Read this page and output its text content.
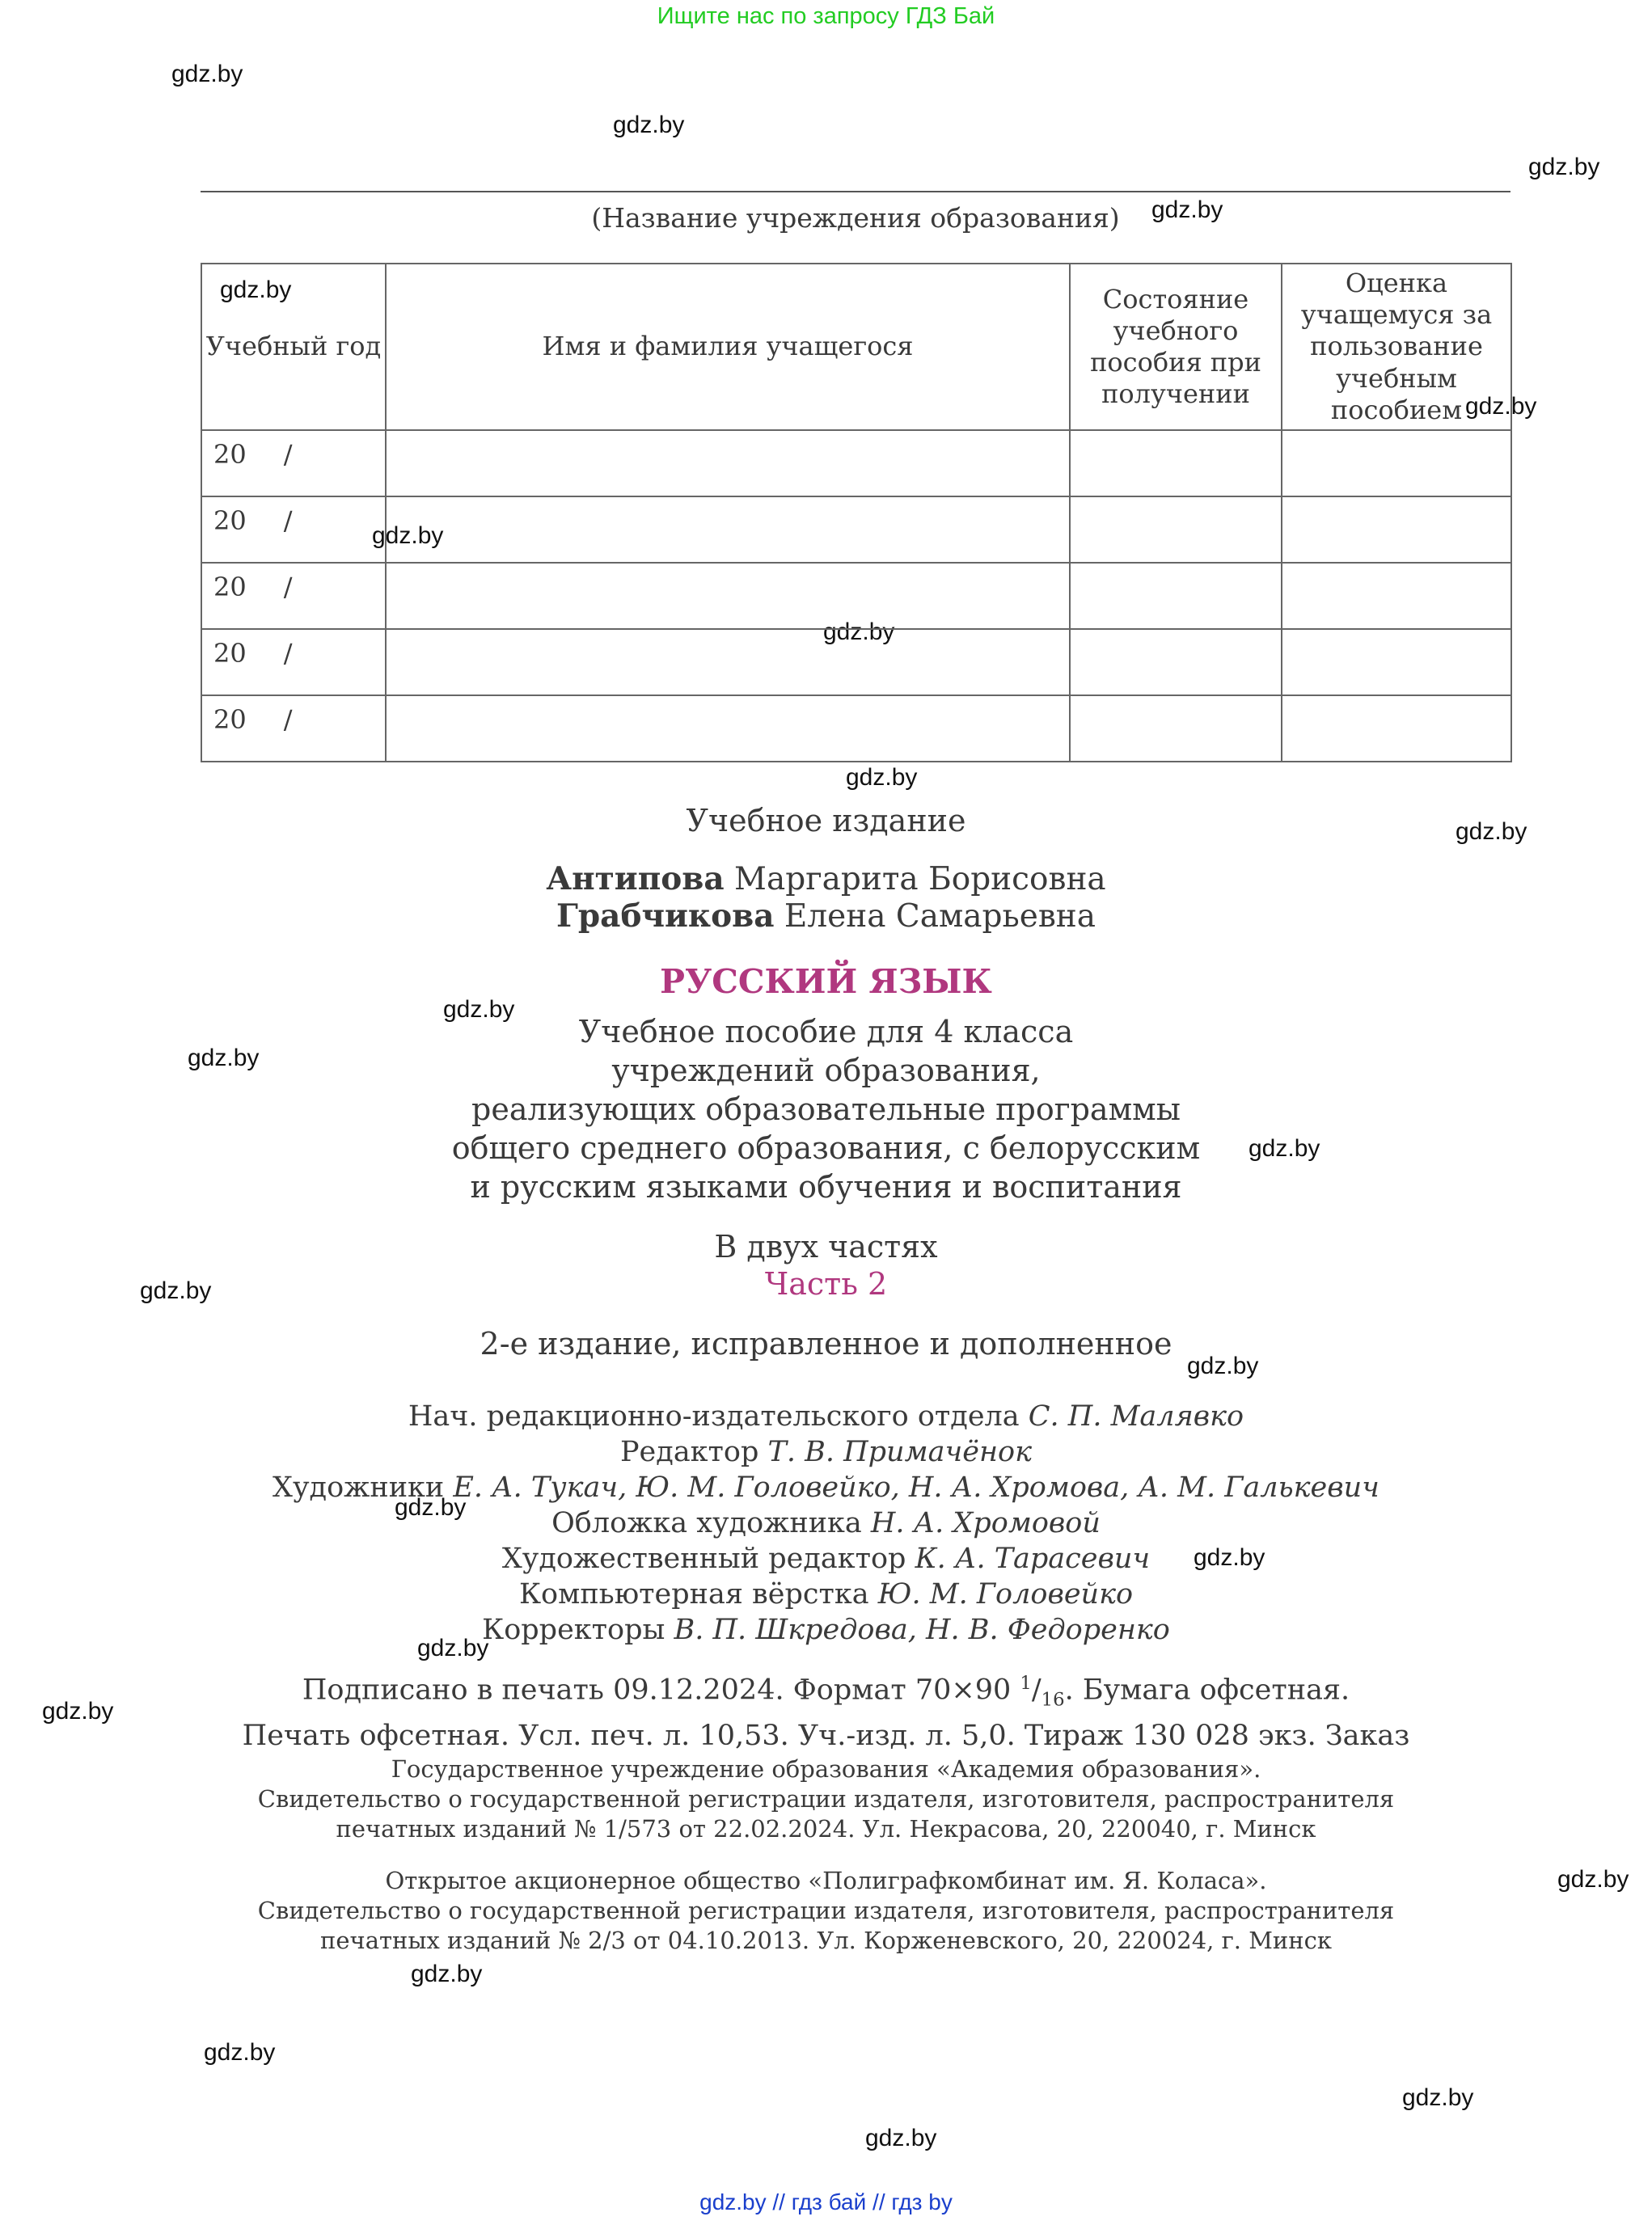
Ищите нас по запросу ГДЗ Бай
gdz.by
gdz.by
gdz.by
gdz.by
gdz.by
gdz.by
gdz.by
gdz.by
gdz.by
gdz.by
gdz.by
gdz.by
gdz.by
gdz.by
gdz.by
gdz.by
gdz.by
gdz.by
gdz.by
gdz.by
gdz.by
gdz.by
gdz.by
gdz.by
(Название учреждения образования)
Учебный год	Имя и фамилия учащегося	Состояние учебного пособия при получении	Оценка учащемуся за пользование учебным пособием
20 /			
20 /			
20 /			
20 /			
20 /			
Учебное издание
Антипова Маргарита Борисовна
Грабчикова Елена Самарьевна
РУССКИЙ ЯЗЫК
Учебное пособие для 4 класса
учреждений образования,
реализующих образовательные программы
общего среднего образования, с белорусским
и русским языками обучения и воспитания
В двух частях
Часть 2
2-е издание, исправленное и дополненное
Нач. редакционно-издательского отдела С. П. Малявко
Редактор Т. В. Примачёнок
Художники Е. А. Тукач, Ю. М. Головейко, Н. А. Хромова, А. М. Галькевич
Обложка художника Н. А. Хромовой
Художественный редактор К. А. Тарасевич
Компьютерная вёрстка Ю. М. Головейко
Корректоры В. П. Шкредова, Н. В. Федоренко
Подписано в печать 09.12.2024. Формат 70×90 $^1/_{16}$. Бумага офсетная.
Печать офсетная. Усл. печ. л. 10,53. Уч.-изд. л. 5,0. Тираж 130 028 экз. Заказ
Государственное учреждение образования «Академия образования».
Свидетельство о государственной регистрации издателя, изготовителя, распространителя
печатных изданий № 1/573 от 22.02.2024. Ул. Некрасова, 20, 220040, г. Минск
Открытое акционерное общество «Полиграфкомбинат им. Я. Коласа».
Свидетельство о государственной регистрации издателя, изготовителя, распространителя
печатных изданий № 2/3 от 04.10.2013. Ул. Корженевского, 20, 220024, г. Минск
gdz.by // гдз бай // гдз by
